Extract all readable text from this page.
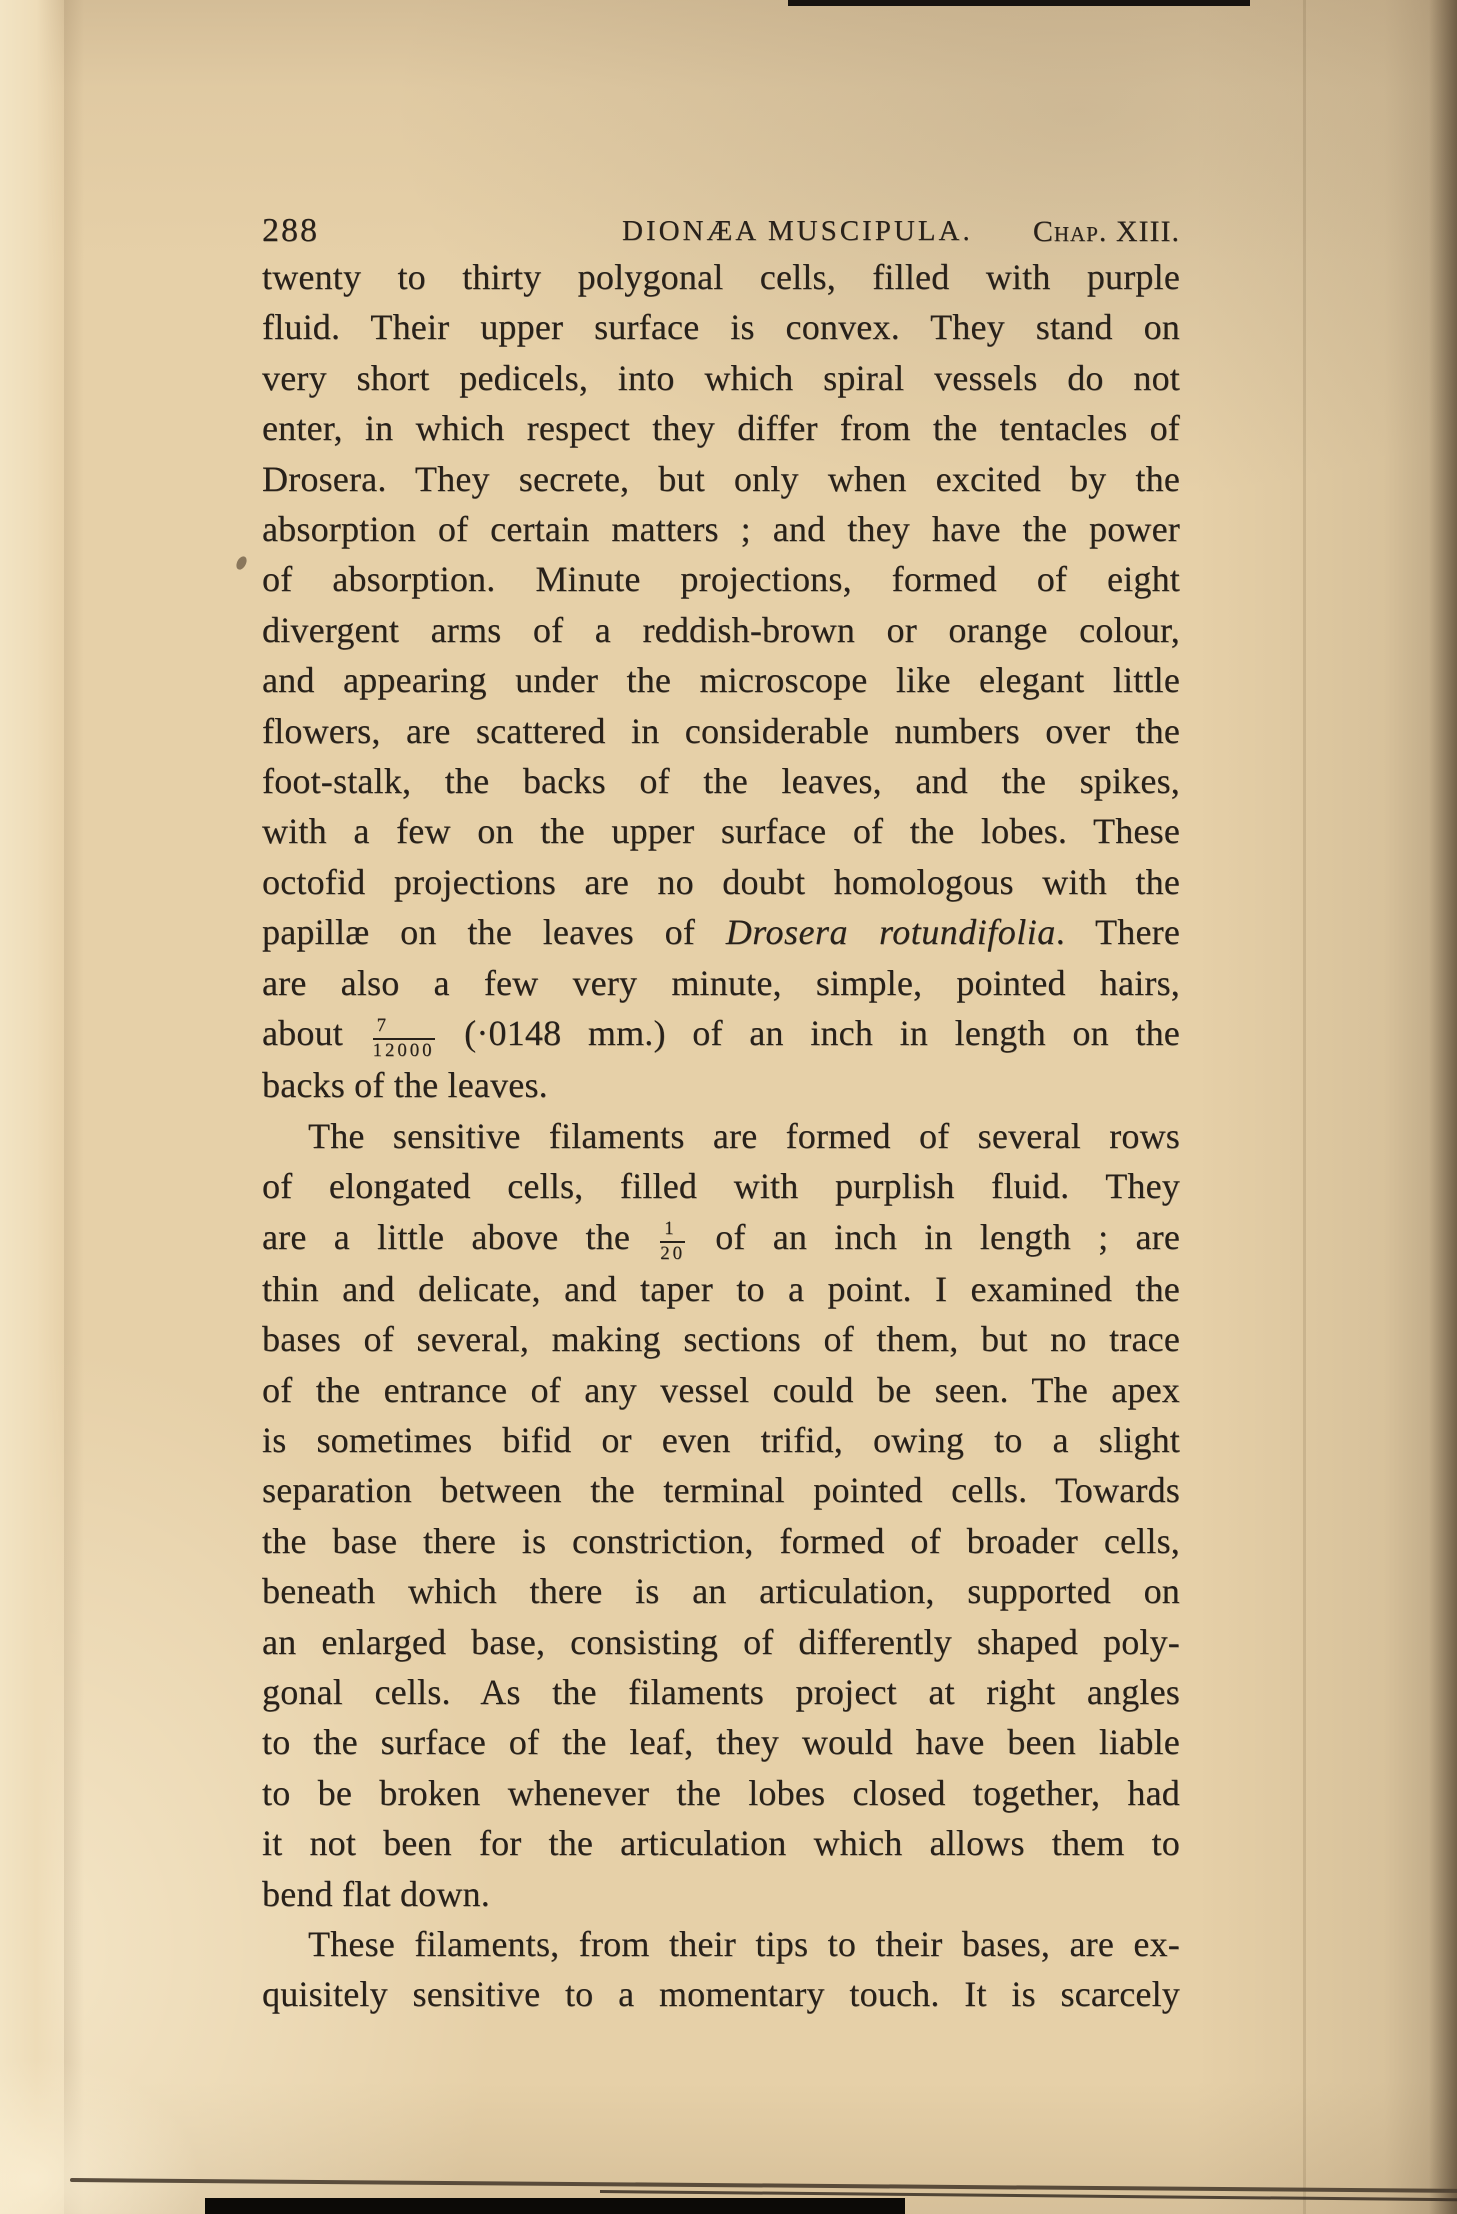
288	DIONÆA MUSCIPULA. Chap. XIII.
twenty to thirty polygonal cells, filled with purple
fluid. Their upper surface is convex. They stand on
very short pedicels, into which spiral vessels do not
enter, in which respect they differ from the tentacles of
Drosera. They secrete, but only when excited by the
absorption of certain matters ; and they have the power
of absorption. Minute projections, formed of eight
divergent arms of a reddish-brown or orange colour,
and appearing under the microscope like elegant little
flowers, are scattered in considerable numbers over the
foot-stalk, the backs of the leaves, and the spikes,
with a few on the upper surface of the lobes. These
octofid projections are no doubt homologous with the
papillæ on the leaves of Drosera rotundifolia. There
are also a few very minute, simple, pointed hairs,
about $\frac{7}{12000} (\cdot 0148$ mm.) of an inch in length on the
backs of the leaves.
The sensitive filaments are formed of several rows
of elongated cells, filled with purplish fluid. They
are a little above the $\frac{1}{20}$ of an inch in length ; are
thin and delicate, and taper to a point. I examined the
bases of several, making sections of them, but no trace
of the entrance of any vessel could be seen. The apex
is sometimes bifid or even trifid, owing to a slight
separation between the terminal pointed cells. Towards
the base there is constriction, formed of broader cells,
beneath which there is an articulation, supported on
an enlarged base, consisting of differently shaped poly-
gonal cells. As the filaments project at right angles
to the surface of the leaf, they would have been liable
to be broken whenever the lobes closed together, had
it not been for the articulation which allows them to
bend flat down.
These filaments, from their tips to their bases, are ex-
quisitely sensitive to a momentary touch. It is scarcely
